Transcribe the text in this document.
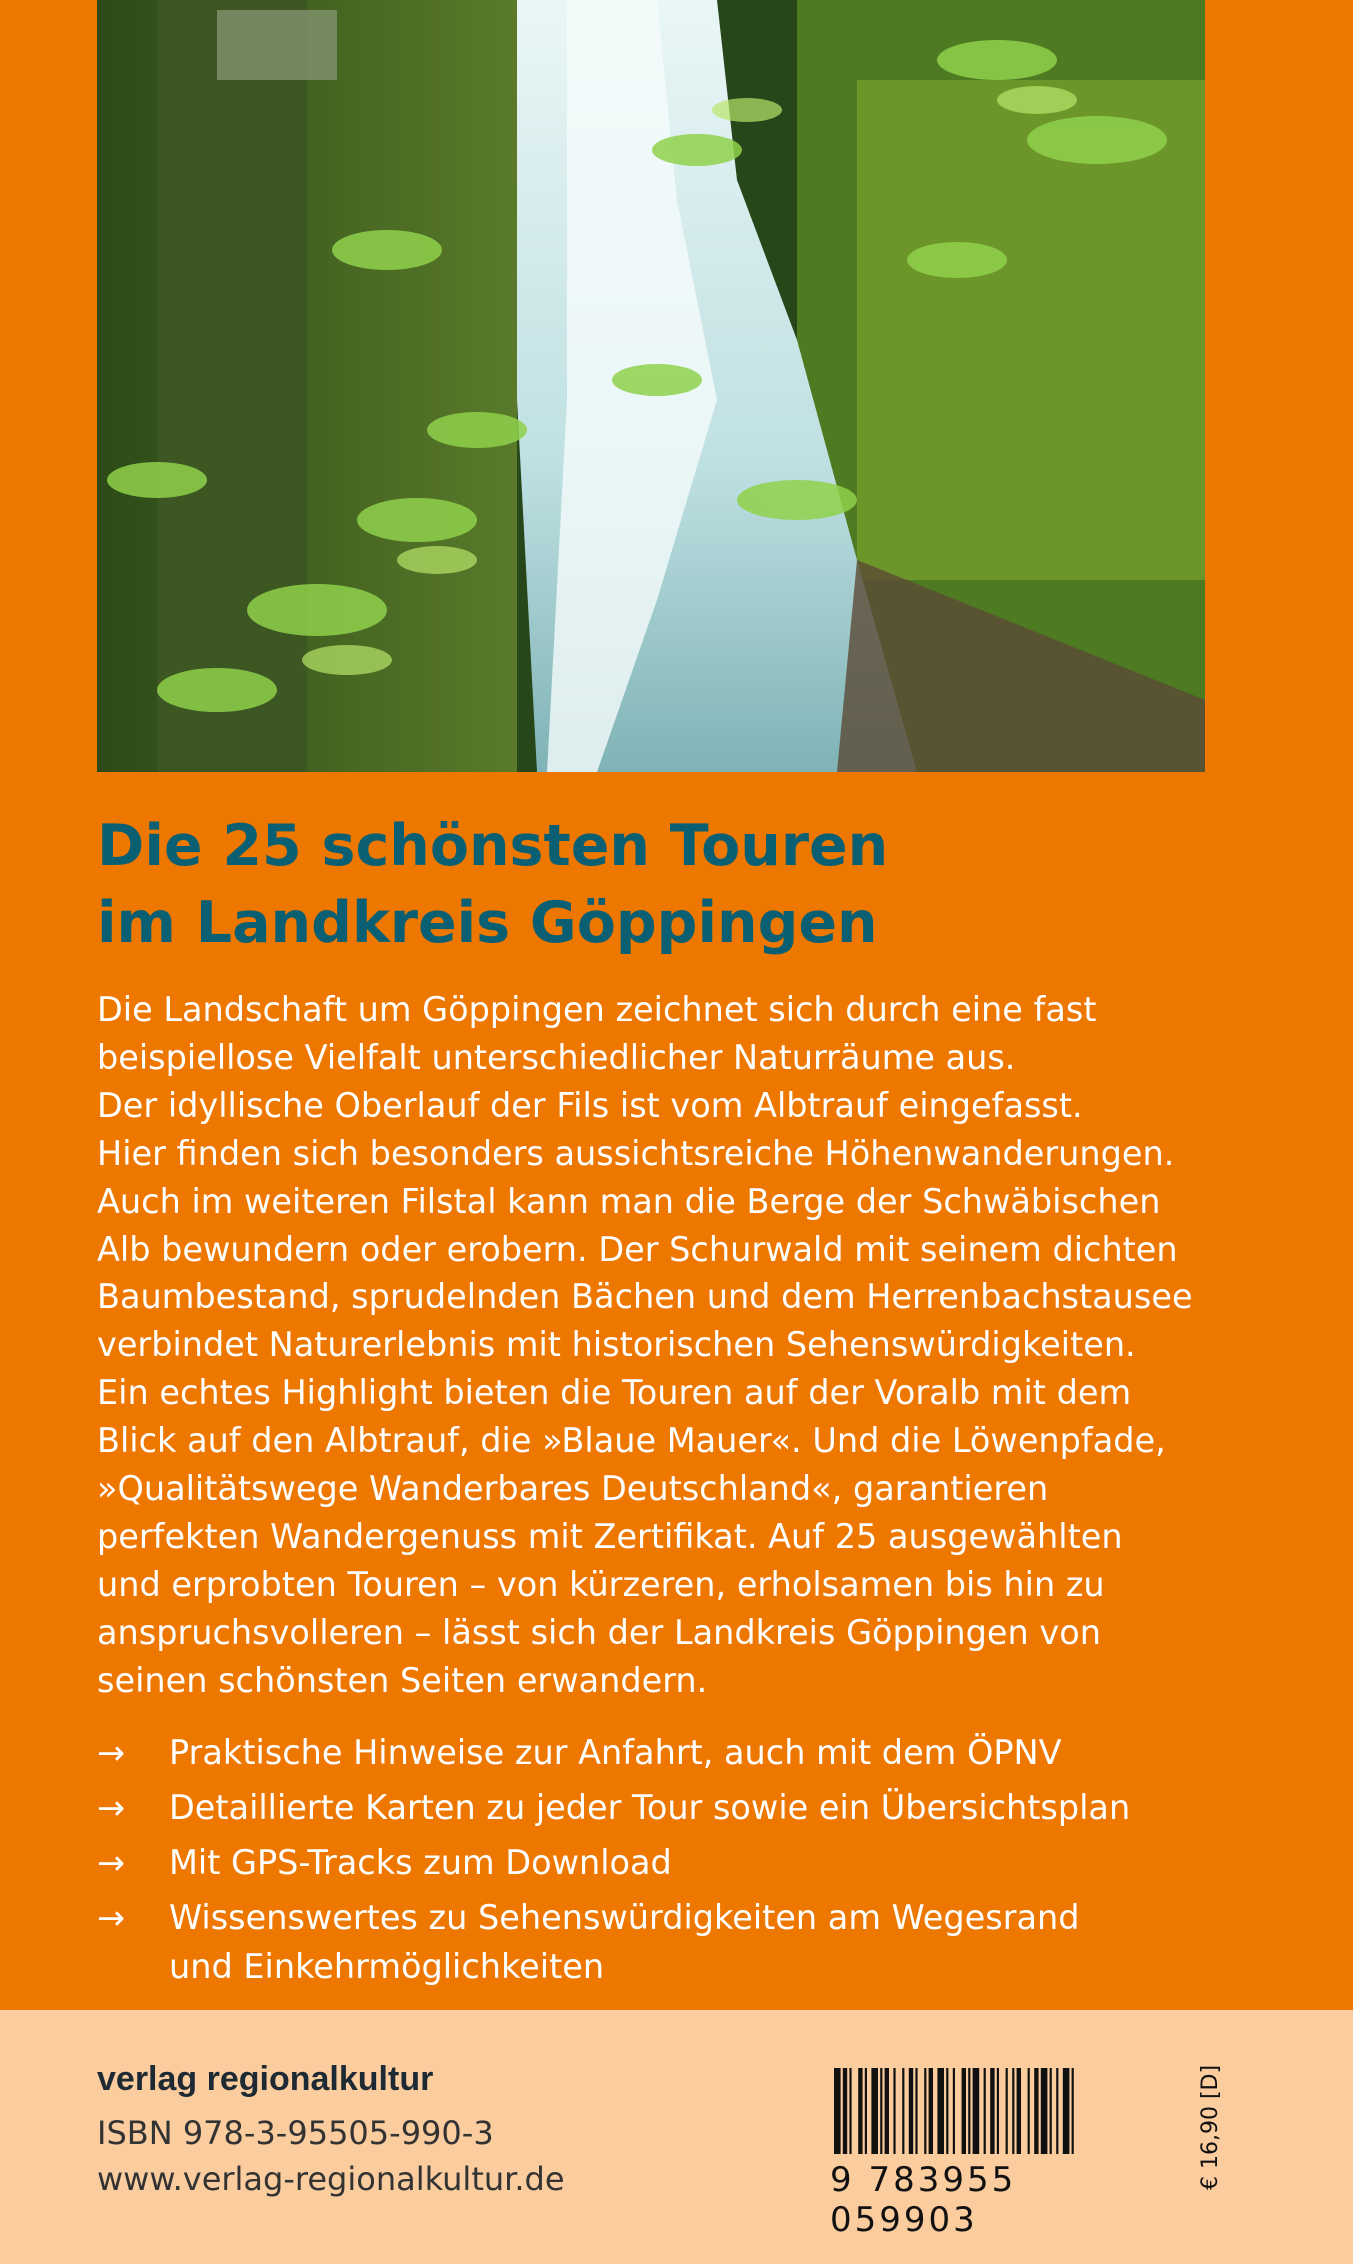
Die 25 schönsten Touren
im Landkreis Göppingen
Die Landschaft um Göppingen zeichnet sich durch eine fast
beispiellose Vielfalt unterschiedlicher Naturräume aus.
Der idyllische Oberlauf der Fils ist vom Albtrauf eingefasst.
Hier finden sich besonders aussichtsreiche Höhenwanderungen.
Auch im weiteren Filstal kann man die Berge der Schwäbischen
Alb bewundern oder erobern. Der Schurwald mit seinem dichten
Baumbestand, sprudelnden Bächen und dem Herrenbachstausee
verbindet Naturerlebnis mit historischen Sehenswürdigkeiten.
Ein echtes Highlight bieten die Touren auf der Voralb mit dem
Blick auf den Albtrauf, die »Blaue Mauer«. Und die Löwenpfade,
»Qualitätswege Wanderbares Deutschland«, garantieren
perfekten Wandergenuss mit Zertifikat. Auf 25 ausgewählten
und erprobten Touren – von kürzeren, erholsamen bis hin zu
anspruchsvolleren – lässt sich der Landkreis Göppingen von
seinen schönsten Seiten erwandern.
→	Praktische Hinweise zur Anfahrt, auch mit dem ÖPNV
→	Detaillierte Karten zu jeder Tour sowie ein Übersichtsplan
→	Mit GPS-Tracks zum Download
→	Wissenswertes zu Sehenswürdigkeiten am Wegesrand
und Einkehrmöglichkeiten
verlag regionalkultur
ISBN 978-3-95505-990-3
www.verlag-regionalkultur.de	9 783955 059903
€ 16,90 [D]
